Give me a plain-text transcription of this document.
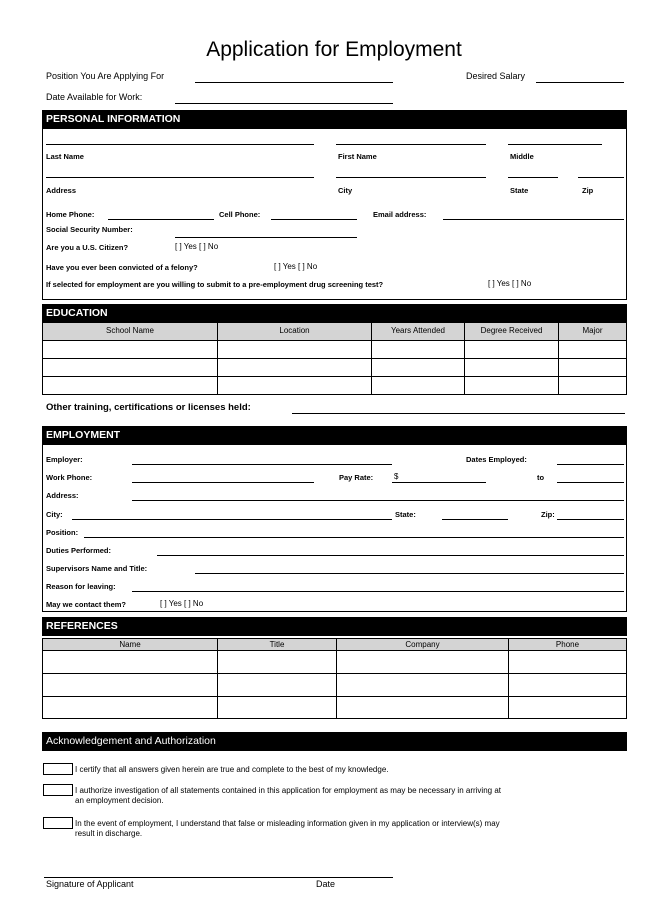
Application for Employment
Position You Are Applying For	Desired Salary
Date Available for Work:
PERSONAL INFORMATION
Last Name	First Name	Middle
Address	City	State	Zip
Home Phone:	Cell Phone:	Email address:
Social Security Number:
Are you a U.S. Citizen?	[ ] Yes [ ] No
Have you ever been convicted of a felony?	[ ] Yes [ ] No
If selected for employment are you willing to submit to a pre-employment drug screening test?	[ ] Yes [ ] No
EDUCATION
School Name	Location	Years Attended	Degree Received	Major
Other training, certifications or licenses held:
EMPLOYMENT
Employer:	Dates Employed:
Work Phone:	Pay Rate:	$	to
Address:
City:	State:	Zip:
Position:
Duties Performed:
Supervisors Name and Title:
Reason for leaving:
May we contact them?	[ ] Yes [ ] No
REFERENCES
Name	Title	Company	Phone
Acknowledgement and Authorization
I certify that all answers given herein are true and complete to the best of my knowledge.
I authorize investigation of all statements contained in this application for employment as may be necessary in arriving at
an employment decision.
In the event of employment, I understand that false or misleading information given in my application or interview(s) may
result in discharge.
Signature of Applicant	Date
